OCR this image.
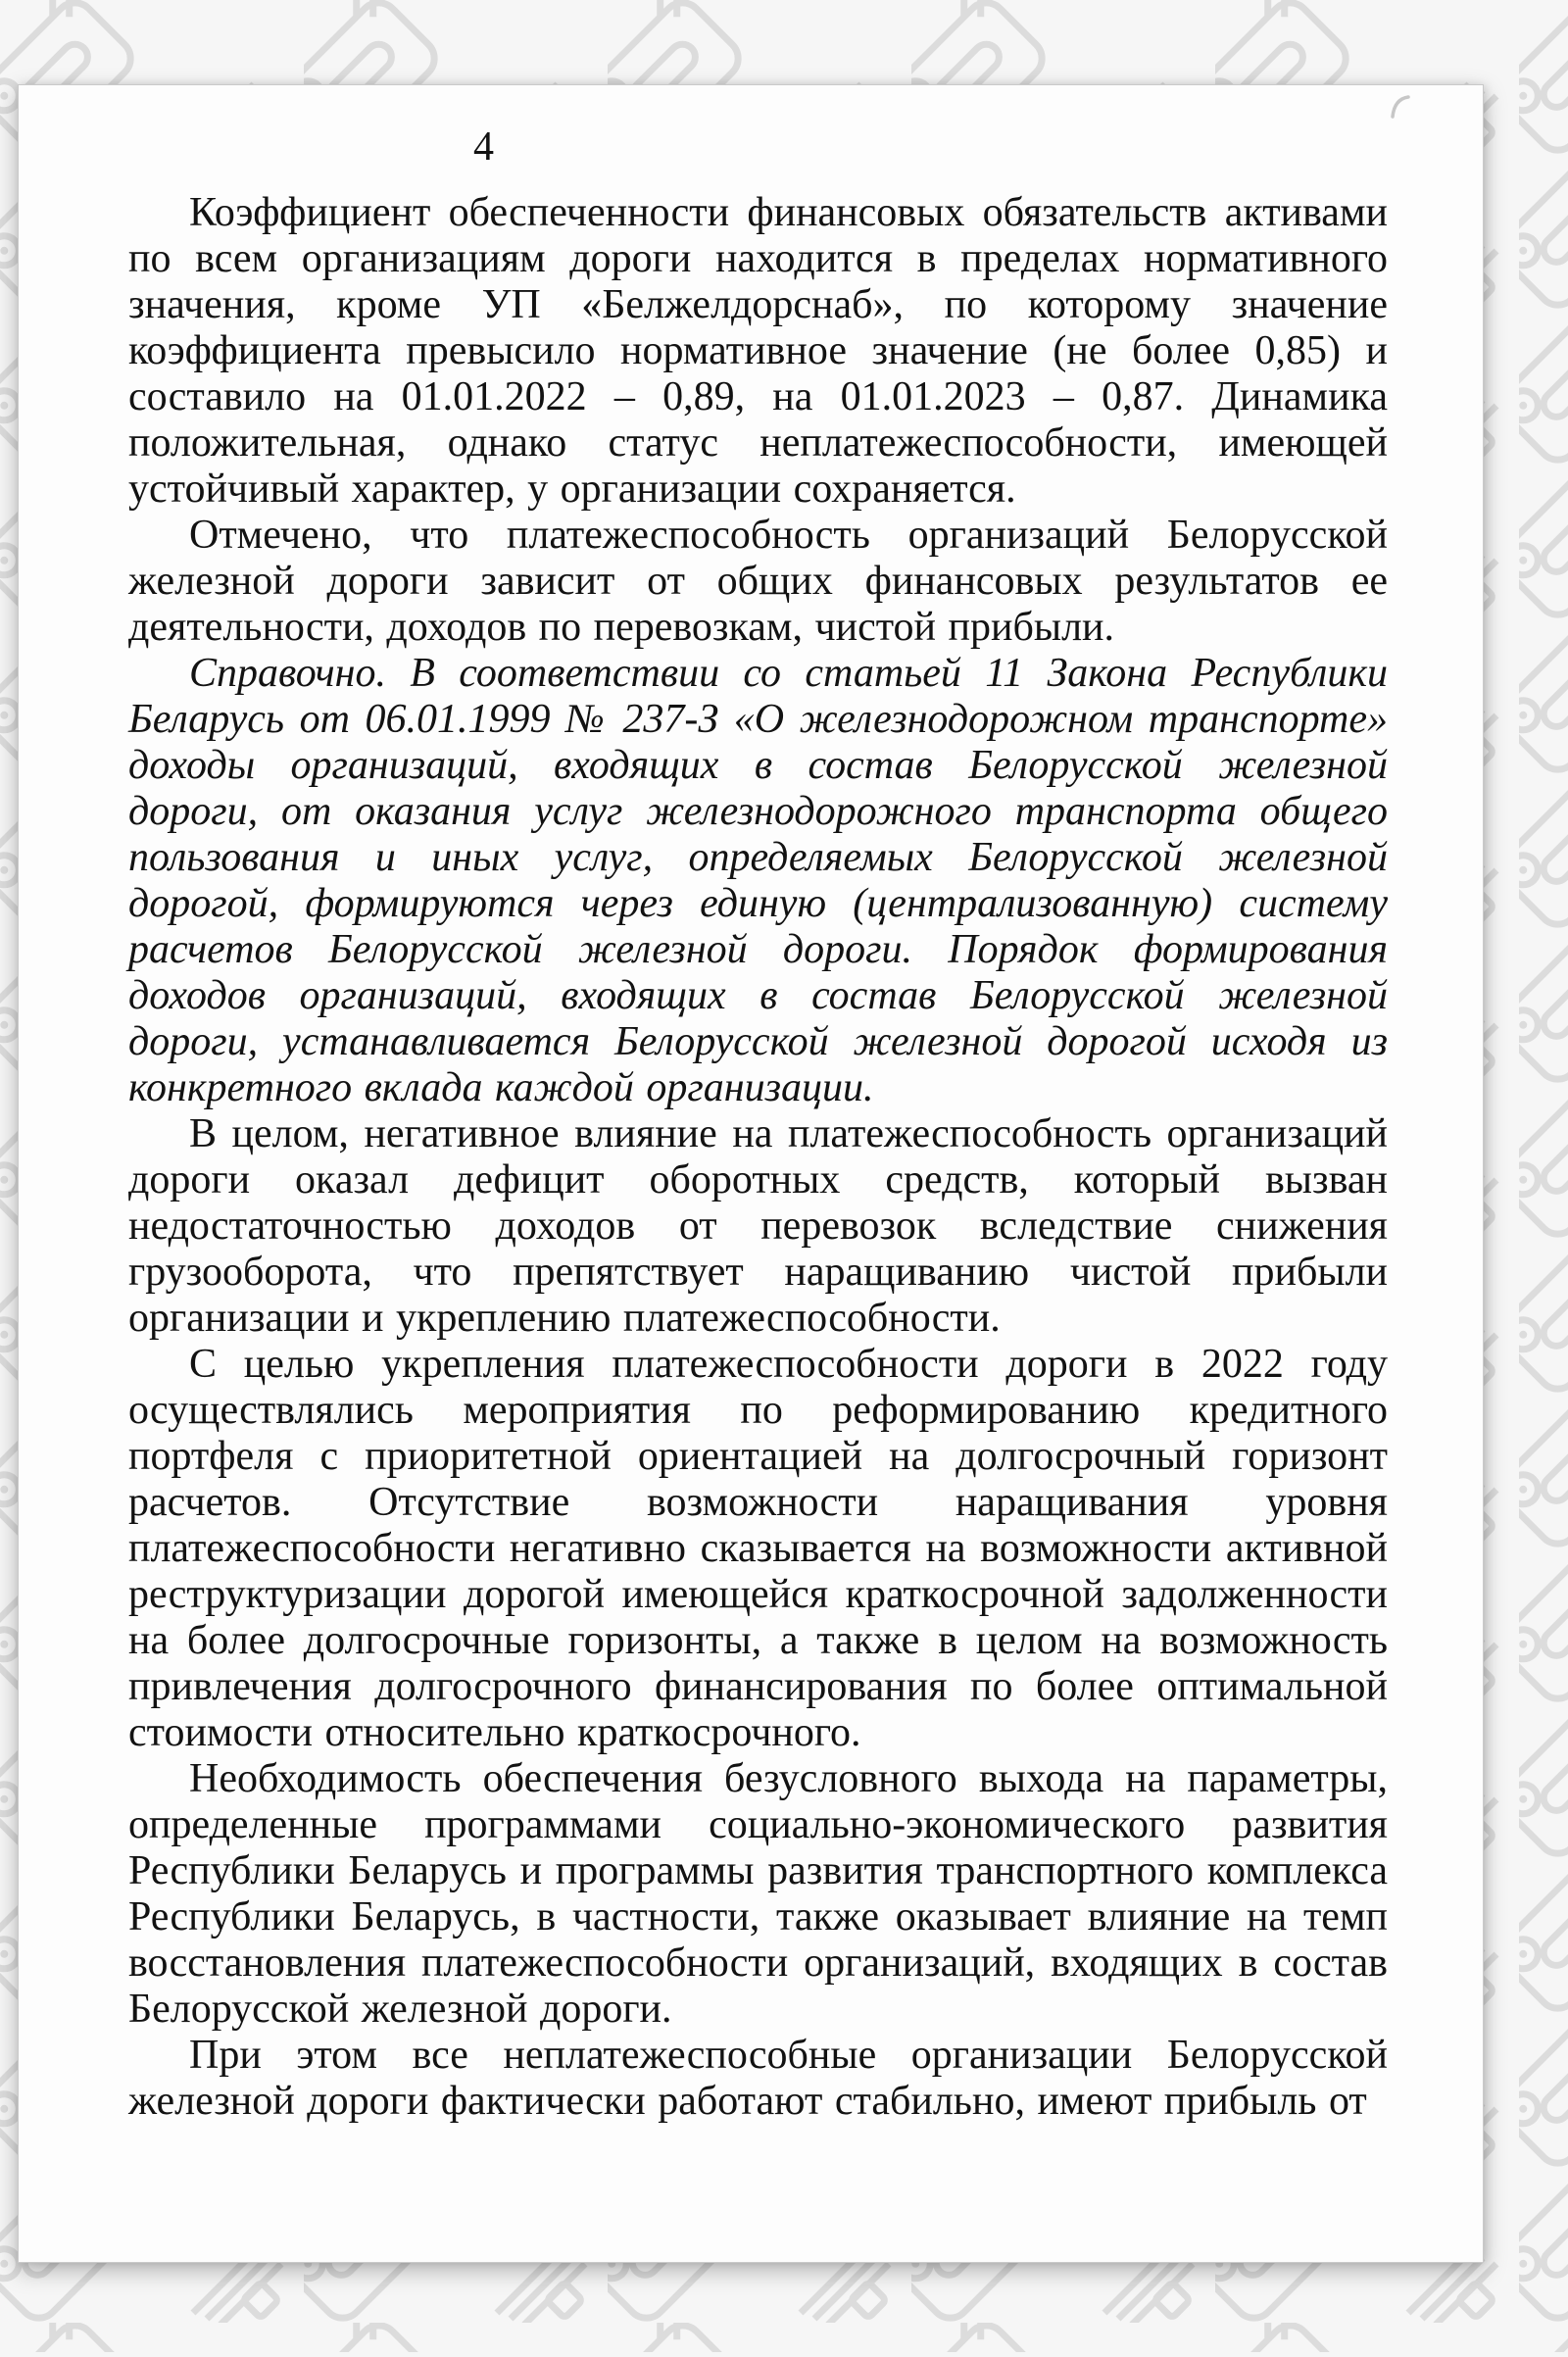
4

Коэффициент обеспеченности финансовых обязательств активами по всем организациям дороги находится в пределах нормативного значения, кроме УП «Белжелдорснаб», по которому значение коэффициента превысило нормативное значение (не более 0,85) и составило на 01.01.2022 – 0,89, на 01.01.2023 – 0,87. Динамика положительная, однако статус неплатежеспособности, имеющей устойчивый характер, у организации сохраняется.

Отмечено, что платежеспособность организаций Белорусской железной дороги зависит от общих финансовых результатов ее деятельности, доходов по перевозкам, чистой прибыли.

Справочно. В соответствии со статьей 11 Закона Республики Беларусь от 06.01.1999 № 237-З «О железнодорожном транспорте» доходы организаций, входящих в состав Белорусской железной дороги, от оказания услуг железнодорожного транспорта общего пользования и иных услуг, определяемых Белорусской железной дорогой, формируются через единую (централизованную) систему расчетов Белорусской железной дороги. Порядок формирования доходов организаций, входящих в состав Белорусской железной дороги, устанавливается Белорусской железной дорогой исходя из конкретного вклада каждой организации.

В целом, негативное влияние на платежеспособность организаций дороги оказал дефицит оборотных средств, который вызван недостаточностью доходов от перевозок вследствие снижения грузооборота, что препятствует наращиванию чистой прибыли организации и укреплению платежеспособности.

С целью укрепления платежеспособности дороги в 2022 году осуществлялись мероприятия по реформированию кредитного портфеля с приоритетной ориентацией на долгосрочный горизонт расчетов. Отсутствие возможности наращивания уровня платежеспособности негативно сказывается на возможности активной реструктуризации дорогой имеющейся краткосрочной задолженности на более долгосрочные горизонты, а также в целом на возможность привлечения долгосрочного финансирования по более оптимальной стоимости относительно краткосрочного.

Необходимость обеспечения безусловного выхода на параметры, определенные программами социально-экономического развития Республики Беларусь и программы развития транспортного комплекса Республики Беларусь, в частности, также оказывает влияние на темп восстановления платежеспособности организаций, входящих в состав Белорусской железной дороги.

При этом все неплатежеспособные организации Белорусской железной дороги фактически работают стабильно, имеют прибыль от
